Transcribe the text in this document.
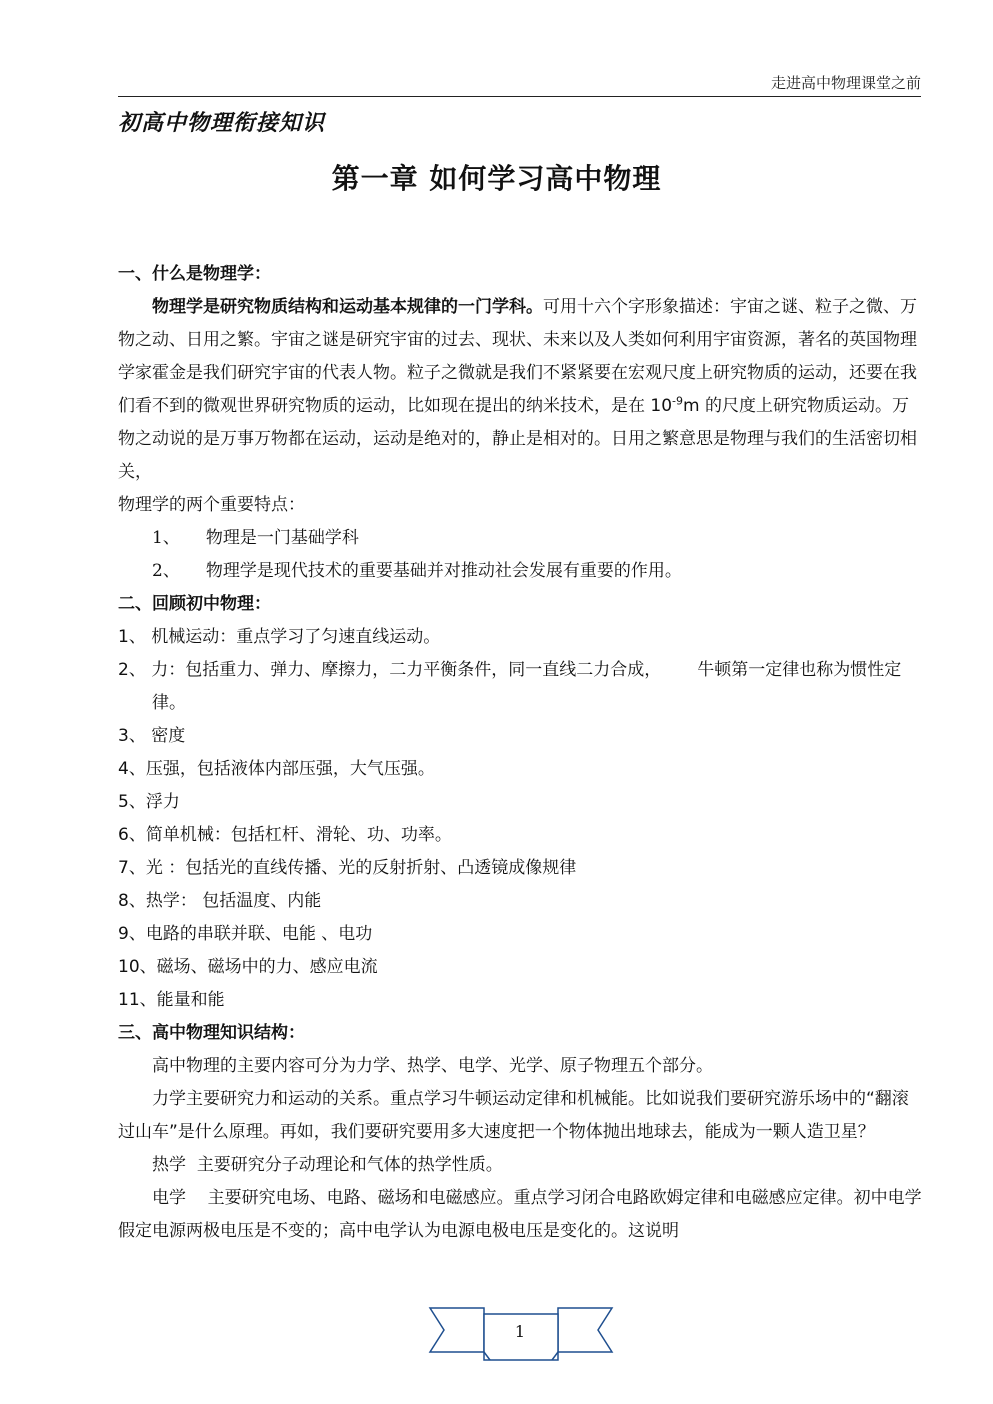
走进高中物理课堂之前
初高中物理衔接知识
第一章 如何学习高中物理

一、什么是物理学：

物理学是研究物质结构和运动基本规律的一门学科。可用十六个字形象描述：宇宙之谜、粒子之微、万物之动、日用之繁。宇宙之谜是研究宇宙的过去、现状、未来以及人类如何利用宇宙资源，著名的英国物理学家霍金是我们研究宇宙的代表人物。粒子之微就是我们不紧紧要在宏观尺度上研究物质的运动，还要在我们看不到的微观世界研究物质的运动，比如现在提出的纳米技术，是在 $10^{-9}m$ 的尺度上研究物质运动。万物之动说的是万事万物都在运动，运动是绝对的，静止是相对的。日用之繁意思是物理与我们的生活密切相关，

物理学的两个重要特点：

1、 物理是一门基础学科

2、 物理学是现代技术的重要基础并对推动社会发展有重要的作用。

二、回顾初中物理：

1、 机械运动：重点学习了匀速直线运动。

2、 力：包括重力、弹力、摩擦力，二力平衡条件，同一直线二力合成， 牛顿第一定律也称为惯性定律。

3、 密度

4、压强，包括液体内部压强，大气压强。

5、浮力

6、简单机械：包括杠杆、滑轮、功、功率。

7、光 ：包括光的直线传播、光的反射折射、凸透镜成像规律

8、热学： 包括温度、内能

9、电路的串联并联、电能 、电功

10、磁场、磁场中的力、感应电流

11、能量和能

三、高中物理知识结构：

高中物理的主要内容可分为力学、热学、电学、光学、原子物理五个部分。

力学主要研究力和运动的关系。重点学习牛顿运动定律和机械能。比如说我们要研究游乐场中的“翻滚过山车”是什么原理。再如，我们要研究要用多大速度把一个物体抛出地球去，能成为一颗人造卫星？

热学 主要研究分子动理论和气体的热学性质。

电学 主要研究电场、电路、磁场和电磁感应。重点学习闭合电路欧姆定律和电磁感应定律。初中电学假定电源两极电压是不变的；高中电学认为电源电极电压是变化的。这说明

1
